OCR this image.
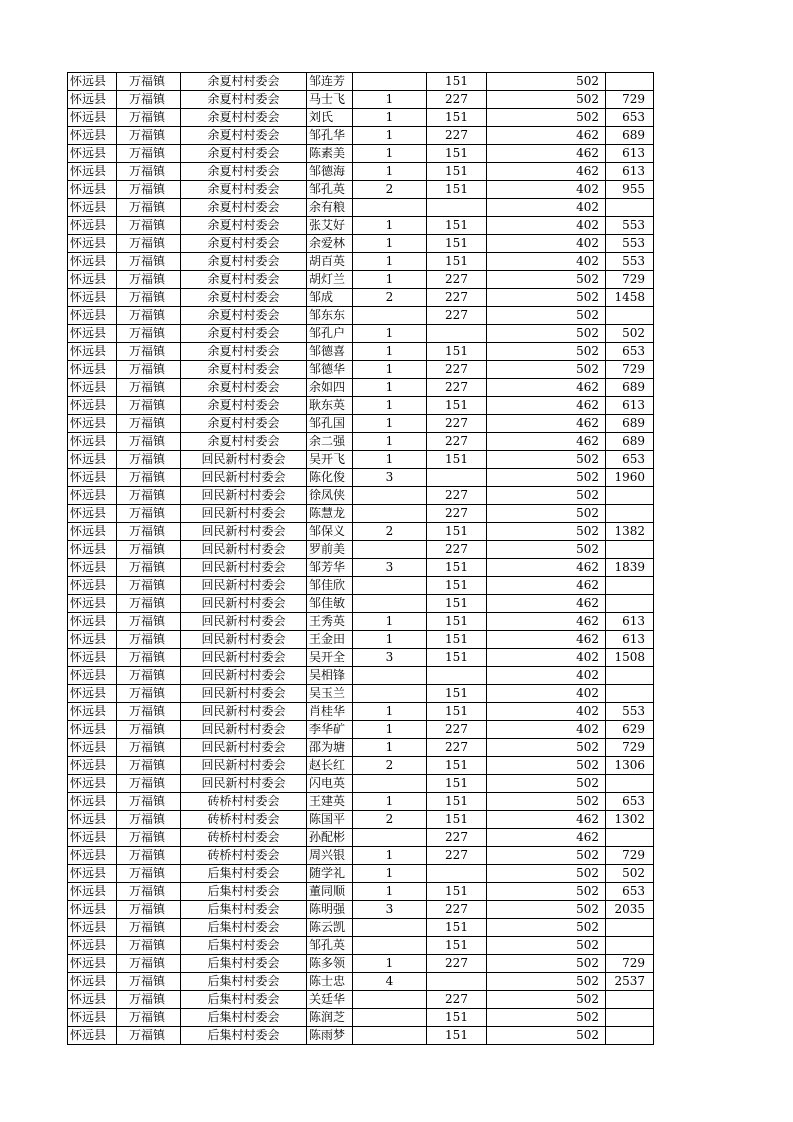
怀远县	万福镇	余夏村村委会	邹连芳		151	502	
怀远县	万福镇	余夏村村委会	马士飞	1	227	502	729
怀远县	万福镇	余夏村村委会	刘氏	1	151	502	653
怀远县	万福镇	余夏村村委会	邹孔华	1	227	462	689
怀远县	万福镇	余夏村村委会	陈素美	1	151	462	613
怀远县	万福镇	余夏村村委会	邹德海	1	151	462	613
怀远县	万福镇	余夏村村委会	邹孔英	2	151	402	955
怀远县	万福镇	余夏村村委会	余有粮			402	
怀远县	万福镇	余夏村村委会	张艾好	1	151	402	553
怀远县	万福镇	余夏村村委会	余爱林	1	151	402	553
怀远县	万福镇	余夏村村委会	胡百英	1	151	402	553
怀远县	万福镇	余夏村村委会	胡灯兰	1	227	502	729
怀远县	万福镇	余夏村村委会	邹成	2	227	502	1458
怀远县	万福镇	余夏村村委会	邹东东		227	502	
怀远县	万福镇	余夏村村委会	邹孔户	1		502	502
怀远县	万福镇	余夏村村委会	邹德喜	1	151	502	653
怀远县	万福镇	余夏村村委会	邹德华	1	227	502	729
怀远县	万福镇	余夏村村委会	余如四	1	227	462	689
怀远县	万福镇	余夏村村委会	耿东英	1	151	462	613
怀远县	万福镇	余夏村村委会	邹孔国	1	227	462	689
怀远县	万福镇	余夏村村委会	余二强	1	227	462	689
怀远县	万福镇	回民新村村委会	吴开飞	1	151	502	653
怀远县	万福镇	回民新村村委会	陈化俊	3		502	1960
怀远县	万福镇	回民新村村委会	徐凤侠		227	502	
怀远县	万福镇	回民新村村委会	陈慧龙		227	502	
怀远县	万福镇	回民新村村委会	邹保义	2	151	502	1382
怀远县	万福镇	回民新村村委会	罗前美		227	502	
怀远县	万福镇	回民新村村委会	邹芳华	3	151	462	1839
怀远县	万福镇	回民新村村委会	邹佳欣		151	462	
怀远县	万福镇	回民新村村委会	邹佳敏		151	462	
怀远县	万福镇	回民新村村委会	王秀英	1	151	462	613
怀远县	万福镇	回民新村村委会	王金田	1	151	462	613
怀远县	万福镇	回民新村村委会	吴开全	3	151	402	1508
怀远县	万福镇	回民新村村委会	吴相锋			402	
怀远县	万福镇	回民新村村委会	吴玉兰		151	402	
怀远县	万福镇	回民新村村委会	肖桂华	1	151	402	553
怀远县	万福镇	回民新村村委会	李华矿	1	227	402	629
怀远县	万福镇	回民新村村委会	邵为塘	1	227	502	729
怀远县	万福镇	回民新村村委会	赵长红	2	151	502	1306
怀远县	万福镇	回民新村村委会	闪电英		151	502	
怀远县	万福镇	砖桥村村委会	王建英	1	151	502	653
怀远县	万福镇	砖桥村村委会	陈国平	2	151	462	1302
怀远县	万福镇	砖桥村村委会	孙配彬		227	462	
怀远县	万福镇	砖桥村村委会	周兴银	1	227	502	729
怀远县	万福镇	后集村村委会	随学礼	1		502	502
怀远县	万福镇	后集村村委会	董同顺	1	151	502	653
怀远县	万福镇	后集村村委会	陈明强	3	227	502	2035
怀远县	万福镇	后集村村委会	陈云凯		151	502	
怀远县	万福镇	后集村村委会	邹孔英		151	502	
怀远县	万福镇	后集村村委会	陈多领	1	227	502	729
怀远县	万福镇	后集村村委会	陈士忠	4		502	2537
怀远县	万福镇	后集村村委会	关廷华		227	502	
怀远县	万福镇	后集村村委会	陈润芝		151	502	
怀远县	万福镇	后集村村委会	陈雨梦		151	502	
